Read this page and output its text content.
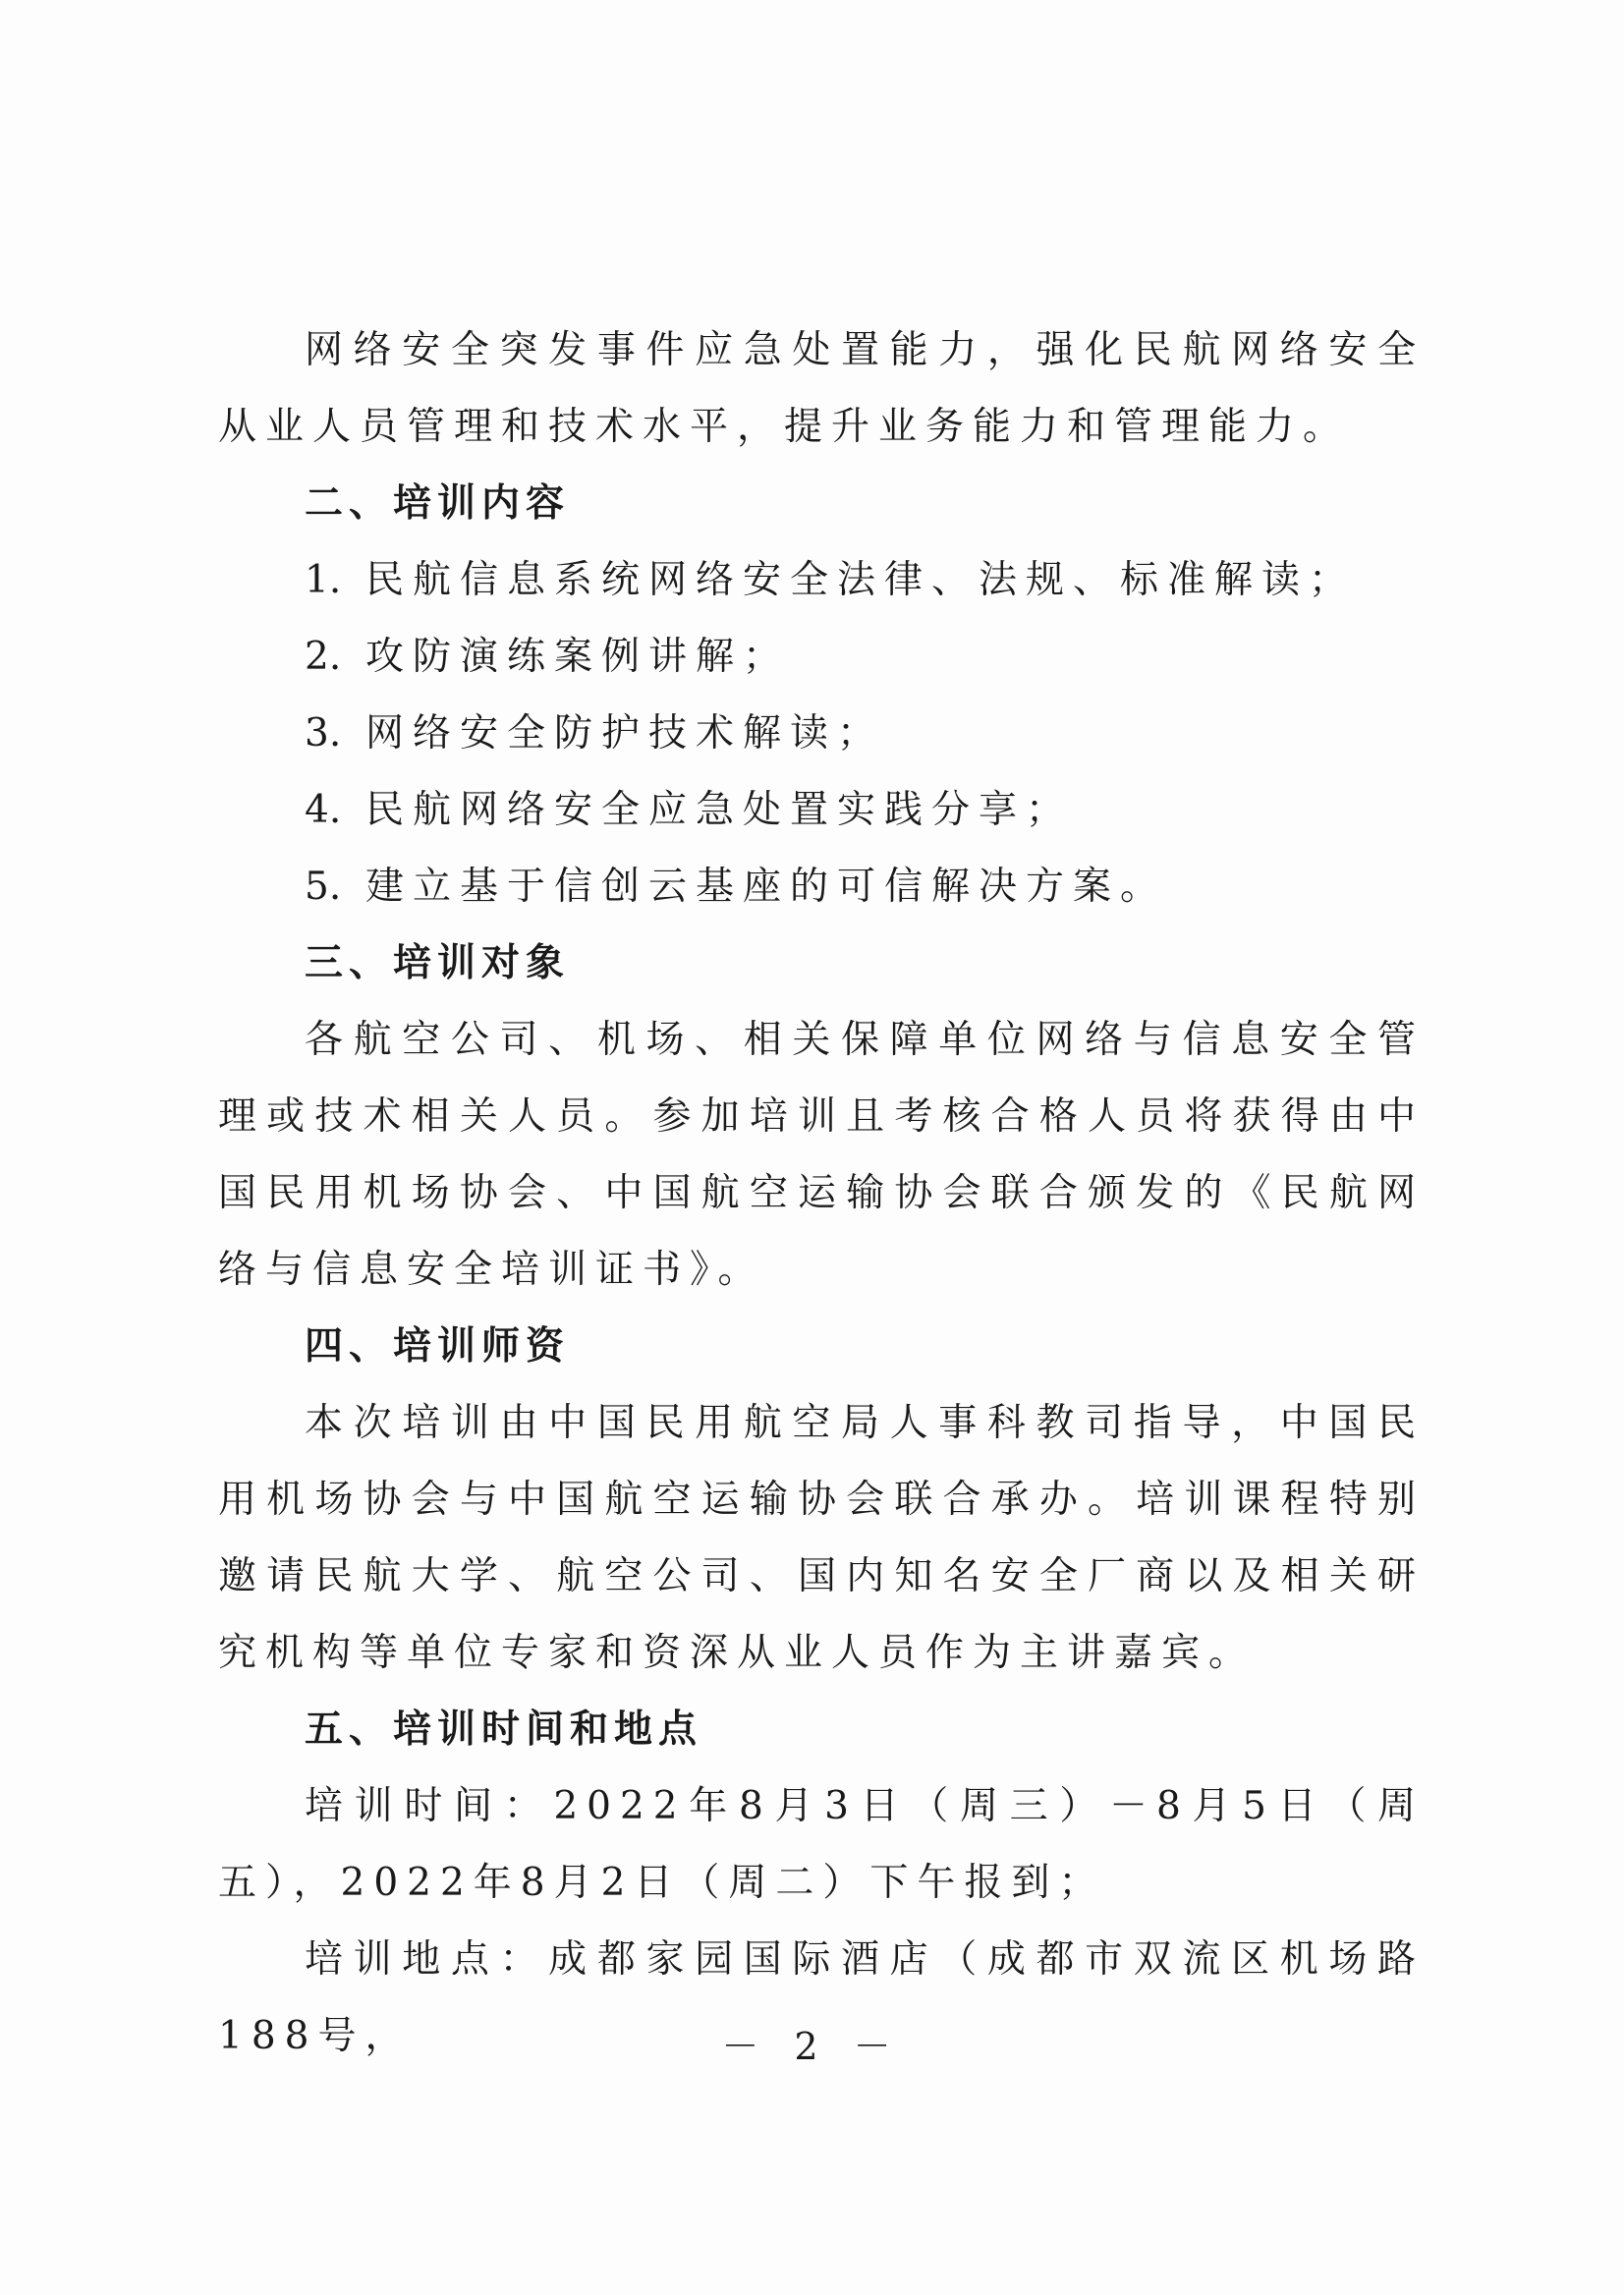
网络安全突发事件应急处置能力，强化民航网络安全从业人员管理和技术水平，提升业务能力和管理能力。

二、培训内容

1. 民航信息系统网络安全法律、法规、标准解读；

2. 攻防演练案例讲解；

3. 网络安全防护技术解读；

4. 民航网络安全应急处置实践分享；

5. 建立基于信创云基座的可信解决方案。

三、培训对象

各航空公司、机场、相关保障单位网络与信息安全管理或技术相关人员。参加培训且考核合格人员将获得由中国民用机场协会、中国航空运输协会联合颁发的《民航网络与信息安全培训证书》。

四、培训师资

本次培训由中国民用航空局人事科教司指导，中国民用机场协会与中国航空运输协会联合承办。培训课程特别邀请民航大学、航空公司、国内知名安全厂商以及相关研究机构等单位专家和资深从业人员作为主讲嘉宾。

五、培训时间和地点

培训时间：2022年8月3日（周三）－8月5日（周五），2022年8月2日（周二）下午报到；

培训地点：成都家园国际酒店（成都市双流区机场路188号，	－ 2 －
